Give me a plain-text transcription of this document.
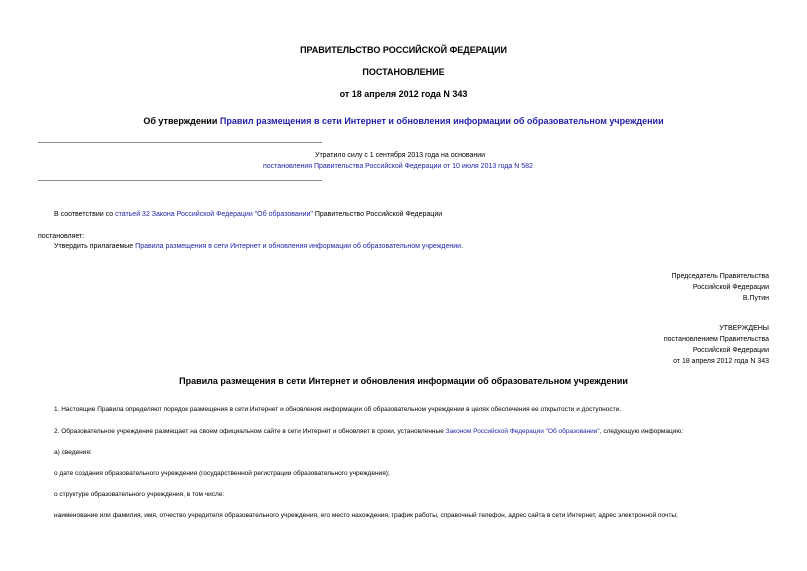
ПРАВИТЕЛЬСТВО РОССИЙСКОЙ ФЕДЕРАЦИИ
ПОСТАНОВЛЕНИЕ
от 18 апреля 2012 года N 343
Об утверждении Правил размещения в сети Интернет и обновления информации об образовательном учреждении
Утратило силу с 1 сентября 2013 года на основании
постановления Правительства Российской Федерации от 10 июля 2013 года N 582
В соответствии со статьей 32 Закона Российской Федерации "Об образовании" Правительство Российской Федерации
постановляет:
Утвердить прилагаемые Правила размещения в сети Интернет и обновления информации об образовательном учреждении.
Председатель Правительства
Российской Федерации
В.Путин
УТВЕРЖДЕНЫ
постановлением Правительства
Российской Федерации
от 18 апреля 2012 года N 343
Правила размещения в сети Интернет и обновления информации об образовательном учреждении
1. Настоящие Правила определяют порядок размещения в сети Интернет и обновления информации об образовательном учреждении в целях обеспечения ее открытости и доступности.
2. Образовательное учреждение размещает на своем официальном сайте в сети Интернет и обновляет в сроки, установленные Законом Российской Федерации "Об образовании", следующую информацию:
а) сведения:
о дате создания образовательного учреждения (государственной регистрации образовательного учреждения);
о структуре образовательного учреждения, в том числе:
наименование или фамилия, имя, отчество учредителя образовательного учреждения, его место нахождения, график работы, справочный телефон, адрес сайта в сети Интернет, адрес электронной почты;
